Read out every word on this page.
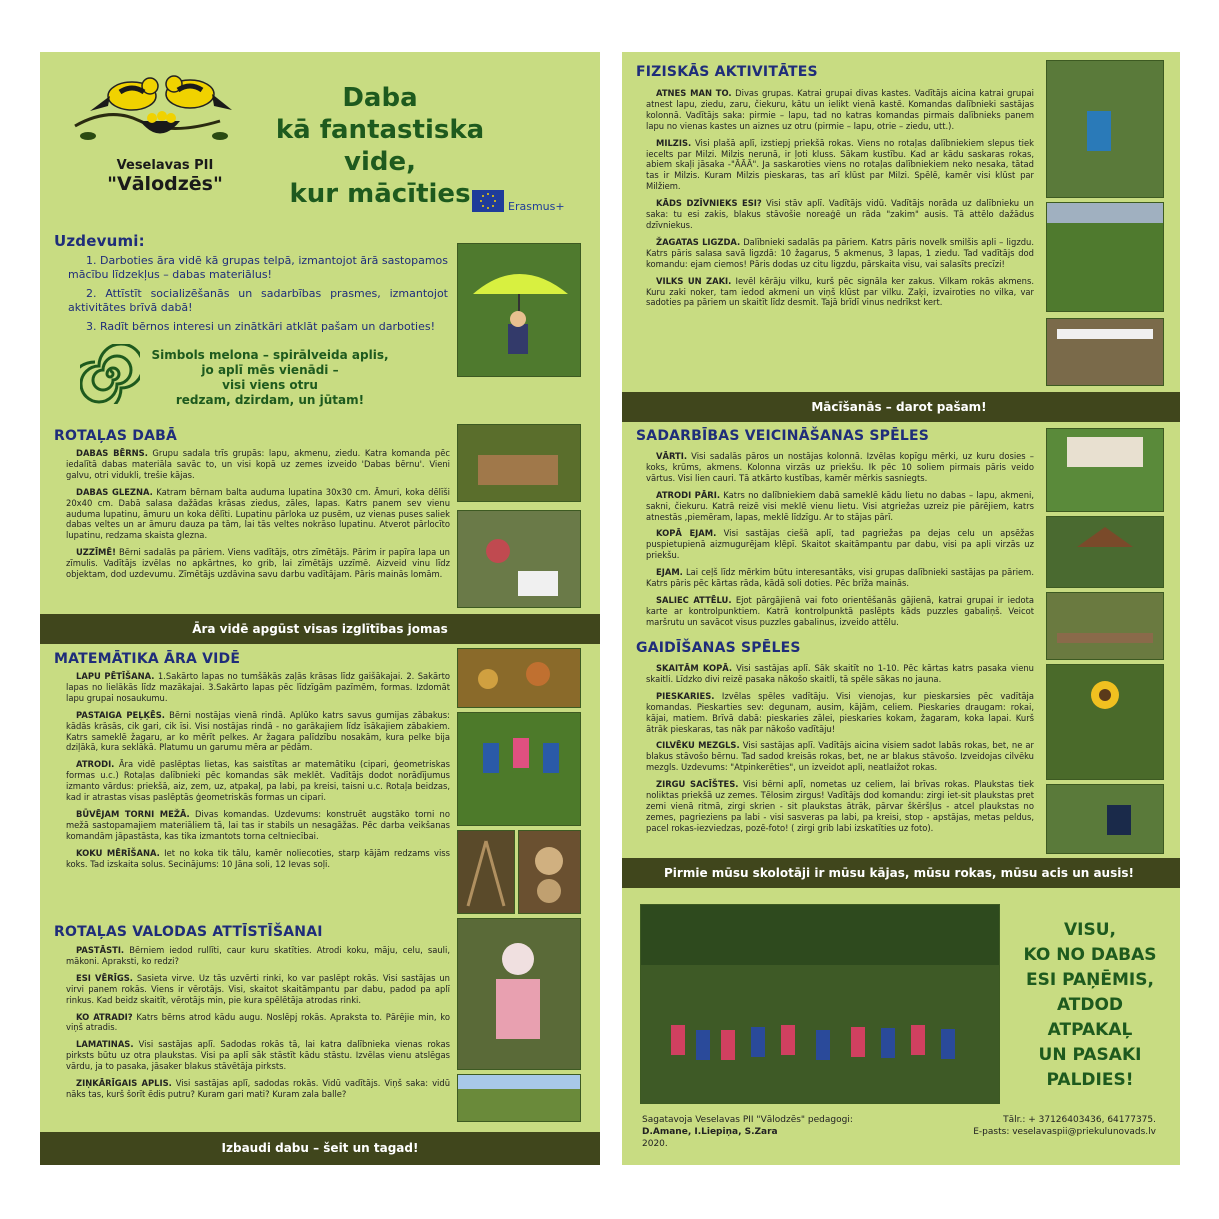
Veselavas PII
"Vālodzēs"
Daba
kā fantastiska vide,
kur mācīties	Erasmus+
Uzdevumi:

1. Darboties āra vidē kā grupas telpā, izmantojot ārā sastopamos mācību līdzekļus – dabas materiālus!

2. Attīstīt socializēšanās un sadarbības prasmes, izmantojot aktivitātes brīvā dabā!

3. Radīt bērnos interesi un zinātkāri atklāt pašam un darboties!

Simbols melona – spirālveida aplis,
jo aplī mēs vienādi –
visi viens otru
redzam, dzirdam, un jūtam!
ROTAĻAS DABĀ

DABAS BĒRNS. Grupu sadala trīs grupās: lapu, akmenu, ziedu. Katra komanda pēc iedalītā dabas materiāla savāc to, un visi kopā uz zemes izveido 'Dabas bērnu'. Vieni galvu, otri vidukli, trešie kājas.

DABAS GLEZNA. Katram bērnam balta auduma lupatina 30x30 cm. Āmuri, koka dēlīši 20x40 cm. Dabā salasa dažādas krāsas ziedus, zāles, lapas. Katrs panem sev vienu auduma lupatinu, āmuru un koka dēlīti. Lupatinu pārloka uz pusēm, uz vienas puses saliek dabas veltes un ar āmuru dauza pa tām, lai tās veltes nokrāso lupatinu. Atverot pārlocīto lupatinu, redzama skaista glezna.

UZZĪMĒ! Bērni sadalās pa pāriem. Viens vadītājs, otrs zīmētājs. Pārim ir papīra lapa un zīmulis. Vadītājs izvēlas no apkārtnes, ko grib, lai zīmētājs uzzīmē. Aizveid vinu līdz objektam, dod uzdevumu. Zīmētājs uzdāvina savu darbu vadītājam. Pāris mainās lomām.

Āra vidē apgūst visas izglītības jomas
MATEMĀTIKA ĀRA VIDĒ

LAPU PĒTĪŠANA. 1.Sakārto lapas no tumšākās zaļās krāsas līdz gaišākajai. 2. Sakārto lapas no lielākās līdz mazākajai. 3.Sakārto lapas pēc līdzīgām pazīmēm, formas. Izdomāt lapu grupai nosaukumu.

PASTAIGA PEĻĶĒS. Bērni nostājas vienā rindā. Aplūko katrs savus gumijas zābakus: kādās krāsās, cik gari, cik īsi. Visi nostājas rindā - no garākajiem līdz īsākajiem zābakiem. Katrs sameklē žagaru, ar ko mērīt pelkes. Ar žagara palīdzību nosakām, kura pelke bija dziļākā, kura seklākā. Platumu un garumu mēra ar pēdām.

ATRODI. Āra vidē paslēptas lietas, kas saistītas ar matemātiku (cipari, ģeometriskas formas u.c.) Rotaļas dalībnieki pēc komandas sāk meklēt. Vadītājs dodot norādījumus izmanto vārdus: priekšā, aiz, zem, uz, atpakaļ, pa labi, pa kreisi, taisni u.c. Rotaļa beidzas, kad ir atrastas visas paslēptās ģeometriskās formas un cipari.

BŪVĒJAM TORNI MEŽĀ. Divas komandas. Uzdevums: konstruēt augstāko torni no mežā sastopamajiem materiāliem tā, lai tas ir stabils un nesagāžas. Pēc darba veikšanas komandām jāpastāsta, kas tika izmantots torna celtniecībai.

KOKU MĒRĪŠANA. Iet no koka tik tālu, kamēr noliecoties, starp kājām redzams viss koks. Tad izskaita solus. Secinājums: 10 Jāna soli, 12 Ievas soļi.

ROTAĻAS VALODAS ATTĪSTĪŠANAI

PASTĀSTI. Bērniem iedod rullīti, caur kuru skatīties. Atrodi koku, māju, celu, sauli, mākoni. Apraksti, ko redzi?

ESI VĒRĪGS. Sasieta virve. Uz tās uzvērti rinki, ko var paslēpt rokās. Visi sastājas un virvi panem rokās. Viens ir vērotājs. Visi, skaitot skaitāmpantu par dabu, padod pa aplī rinkus. Kad beidz skaitīt, vērotājs min, pie kura spēlētāja atrodas rinki.

KO ATRADI? Katrs bērns atrod kādu augu. Noslēpj rokās. Apraksta to. Pārējie min, ko viņš atradis.

LAMATINAS. Visi sastājas aplī. Sadodas rokās tā, lai katra dalībnieka vienas rokas pirksts būtu uz otra plaukstas. Visi pa aplī sāk stāstīt kādu stāstu. Izvēlas vienu atslēgas vārdu, ja to pasaka, jāsaker blakus stāvētāja pirksts.

ZIŅKĀRĪGAIS APLIS. Visi sastājas aplī, sadodas rokās. Vidū vadītājs. Viņš saka: vidū nāks tas, kurš šorīt ēdis putru? Kuram gari mati? Kuram zala balle?

Izbaudi dabu – šeit un tagad!
FIZISKĀS AKTIVITĀTES

ATNES MAN TO. Divas grupas. Katrai grupai divas kastes. Vadītājs aicina katrai grupai atnest lapu, ziedu, zaru, čiekuru, kātu un ielikt vienā kastē. Komandas dalībnieki sastājas kolonnā. Vadītājs saka: pirmie – lapu, tad no katras komandas pirmais dalībnieks panem lapu no vienas kastes un aiznes uz otru (pirmie – lapu, otrie – ziedu, utt.).

MILZIS. Visi plašā aplī, izstiepj priekšā rokas. Viens no rotaļas dalībniekiem slepus tiek iecelts par Milzi. Milzis nerunā, ir ļoti kluss. Sākam kustību. Kad ar kādu saskaras rokas, abiem skaļi jāsaka -"ĀĀĀ". Ja saskaroties viens no rotaļas dalībniekiem neko nesaka, tātad tas ir Milzis. Kuram Milzis pieskaras, tas arī klūst par Milzi. Spēlē, kamēr visi klūst par Milžiem.

KĀDS DZĪVNIEKS ESI? Visi stāv aplī. Vadītājs vidū. Vadītājs norāda uz dalībnieku un saka: tu esi zakis, blakus stāvošie noreaģē un rāda "zakim" ausis. Tā attēlo dažādus dzīvniekus.

ŽAGATAS LIGZDA. Dalībnieki sadalās pa pāriem. Katrs pāris novelk smilšis apli – ligzdu. Katrs pāris salasa savā ligzdā: 10 žagarus, 5 akmenus, 3 lapas, 1 ziedu. Tad vadītājs dod komandu: ejam ciemos! Pāris dodas uz citu ligzdu, pārskaita visu, vai salasīts precīzi!

VILKS UN ZAKI. Ievēl kērāju vilku, kurš pēc signāla ker zakus. Vilkam rokās akmens. Kuru zaki noker, tam iedod akmeni un viņš klūst par vilku. Zaķi, izvairoties no vilka, var sadoties pa pāriem un skaitīt līdz desmit. Tajā brīdī vinus nedrīkst kert.

Mācīšanās – darot pašam!
SADARBĪBAS VEICINĀŠANAS SPĒLES

VĀRTI. Visi sadalās pāros un nostājas kolonnā. Izvēlas kopīgu mērki, uz kuru dosies – koks, krūms, akmens. Kolonna virzās uz priekšu. Ik pēc 10 soliem pirmais pāris veido vārtus. Visi lien cauri. Tā atkārto kustības, kamēr mērkis sasniegts.

ATRODI PĀRI. Katrs no dalībniekiem dabā sameklē kādu lietu no dabas – lapu, akmeni, sakni, čiekuru. Katrā reizē visi meklē vienu lietu. Visi atgriežas uzreiz pie pārējiem, katrs atnestās ,piemēram, lapas, meklē līdzīgu. Ar to stājas pārī.

KOPĀ EJAM. Visi sastājas ciešā aplī, tad pagriežas pa dejas celu un apsēžas puspietupienā aizmugurējam klēpī. Skaitot skaitāmpantu par dabu, visi pa apli virzās uz priekšu.

EJAM. Lai ceļš līdz mērkim būtu interesantāks, visi grupas dalībnieki sastājas pa pāriem. Katrs pāris pēc kārtas rāda, kādā soli doties. Pēc brīža mainās.

SALIEC ATTĒLU. Ejot pārgājienā vai foto orientēšanās gājienā, katrai grupai ir iedota karte ar kontrolpunktiem. Katrā kontrolpunktā paslēpts kāds puzzles gabaliņš. Veicot maršrutu un savācot visus puzzles gabalinus, izveido attēlu.

GAIDĪŠANAS SPĒLES

SKAITĀM KOPĀ. Visi sastājas aplī. Sāk skaitīt no 1-10. Pēc kārtas katrs pasaka vienu skaitli. Līdzko divi reizē pasaka nākošo skaitli, tā spēle sākas no jauna.

PIESKARIES. Izvēlas spēles vadītāju. Visi vienojas, kur pieskarsies pēc vadītāja komandas. Pieskarties sev: degunam, ausim, kājām, celiem. Pieskaries draugam: rokai, kājai, matiem. Brīvā dabā: pieskaries zālei, pieskaries kokam, žagaram, koka lapai. Kurš ātrāk pieskaras, tas nāk par nākošo vadītāju!

CILVĒKU MEZGLS. Visi sastājas aplī. Vadītājs aicina visiem sadot labās rokas, bet, ne ar blakus stāvošo bērnu. Tad sadod kreisās rokas, bet, ne ar blakus stāvošo. Izveidojas cilvēku mezgls. Uzdevums: "Atpinkerēties", un izveidot apli, neatlaižot rokas.

ZIRGU SACĪŠTES. Visi bērni aplī, nometas uz celiem, lai brīvas rokas. Plaukstas tiek noliktas priekšā uz zemes. Tēlosim zirgus! Vadītājs dod komandu: zirgi iet-sit plaukstas pret zemi vienā ritmā, zirgi skrien - sit plaukstas ātrāk, pārvar škēršļus - atcel plaukstas no zemes, pagrieziens pa labi - visi sasveras pa labi, pa kreisi, stop - apstājas, metas peldus, pacel rokas-iezviedzas, pozē-foto! ( zirgi grib labi izskatīties uz foto).

Pirmie mūsu skolotāji ir mūsu kājas, mūsu rokas, mūsu acis un ausis!
VISU,
KO NO DABAS
ESI PAŅĒMIS,
ATDOD
ATPAKAĻ
UN PASAKI
PALDIES!
Sagatavoja Veselavas PII "Vālodzēs" pedagogi:
D.Amane, I.Liepiņa, S.Zara
2020.
Tālr.: + 37126403436, 64177375.
E-pasts: veselavaspii@priekulunovads.lv
